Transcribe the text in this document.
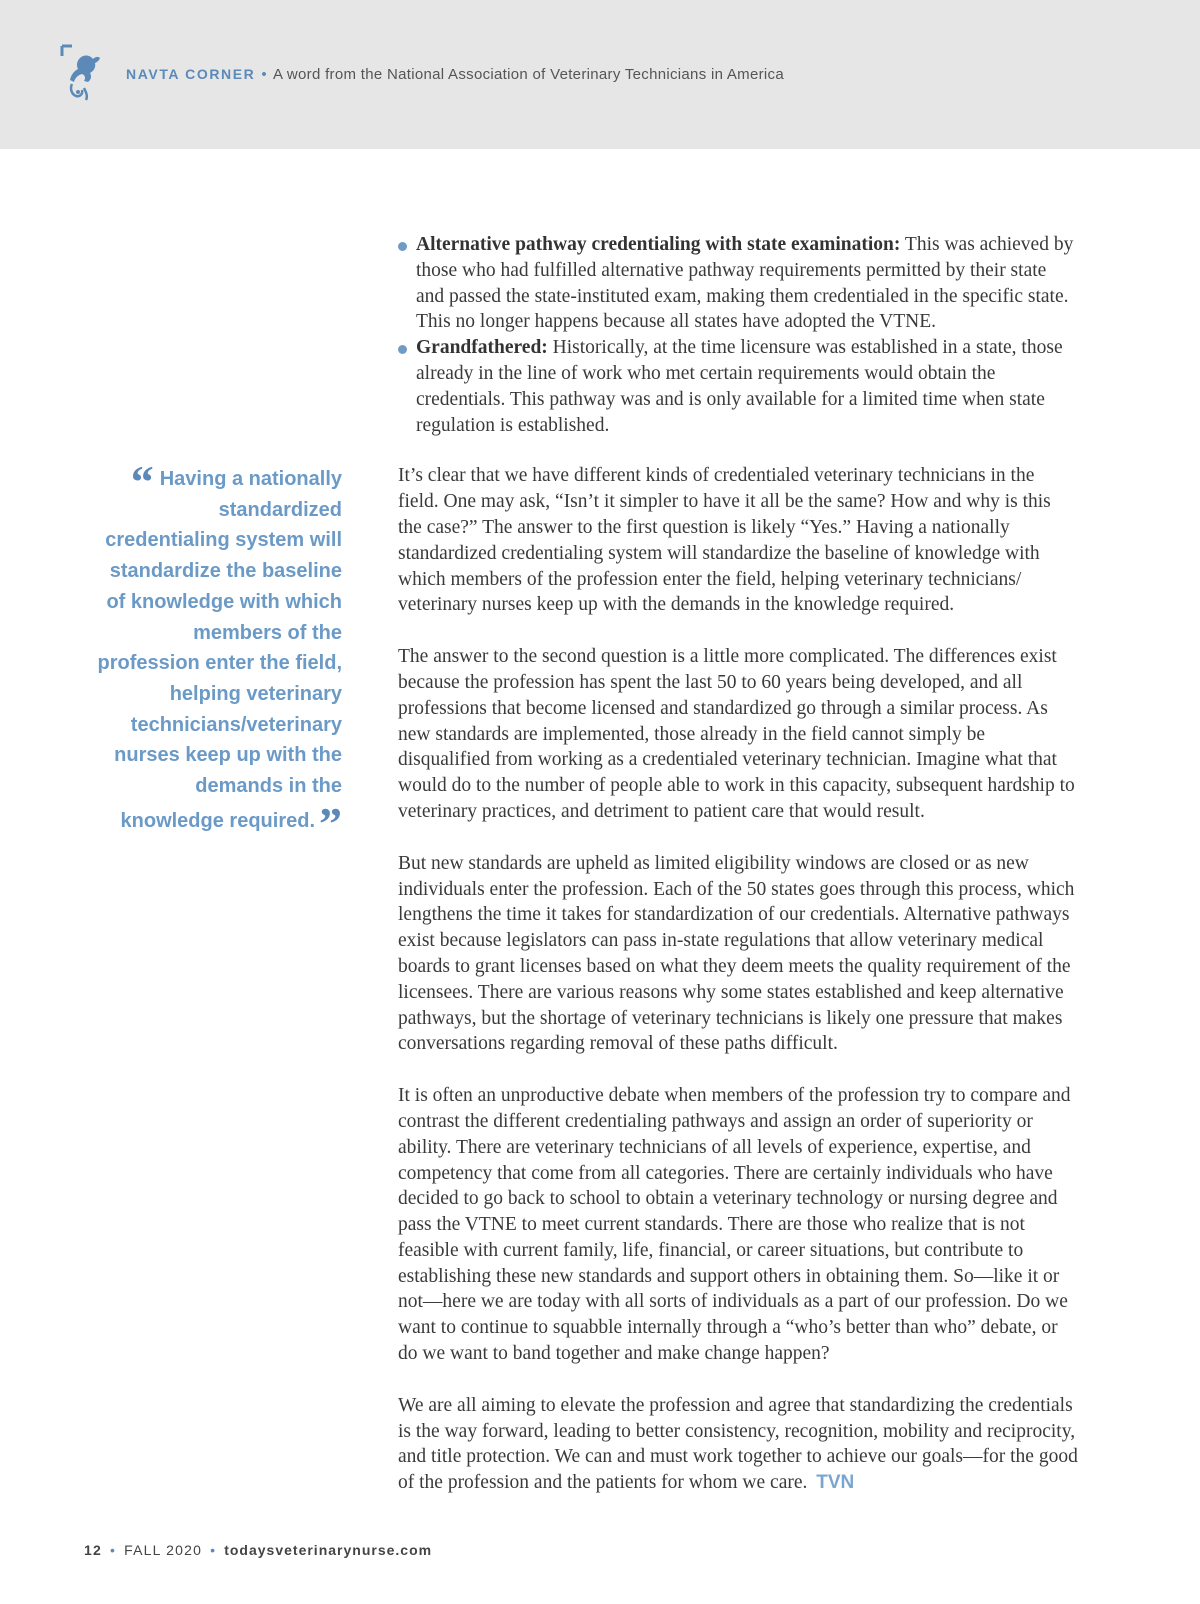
NAVTA CORNER • A word from the National Association of Veterinary Technicians in America
“ Having a nationally standardized credentialing system will standardize the baseline of knowledge with which members of the profession enter the field, helping veterinary technicians/veterinary nurses keep up with the demands in the knowledge required.”
Alternative pathway credentialing with state examination: This was achieved by those who had fulfilled alternative pathway requirements permitted by their state and passed the state-instituted exam, making them credentialed in the specific state. This no longer happens because all states have adopted the VTNE.
Grandfathered: Historically, at the time licensure was established in a state, those already in the line of work who met certain requirements would obtain the credentials. This pathway was and is only available for a limited time when state regulation is established.

It’s clear that we have different kinds of credentialed veterinary technicians in the field. One may ask, “Isn’t it simpler to have it all be the same? How and why is this the case?” The answer to the first question is likely “Yes.” Having a nationally standardized credentialing system will standardize the baseline of knowledge with which members of the profession enter the field, helping veterinary technicians/ veterinary nurses keep up with the demands in the knowledge required.

The answer to the second question is a little more complicated. The differences exist because the profession has spent the last 50 to 60 years being developed, and all professions that become licensed and standardized go through a similar process. As new standards are implemented, those already in the field cannot simply be disqualified from working as a credentialed veterinary technician. Imagine what that would do to the number of people able to work in this capacity, subsequent hardship to veterinary practices, and detriment to patient care that would result.

But new standards are upheld as limited eligibility windows are closed or as new individuals enter the profession. Each of the 50 states goes through this process, which lengthens the time it takes for standardization of our credentials. Alternative pathways exist because legislators can pass in-state regulations that allow veterinary medical boards to grant licenses based on what they deem meets the quality requirement of the licensees. There are various reasons why some states established and keep alternative pathways, but the shortage of veterinary technicians is likely one pressure that makes conversations regarding removal of these paths difficult.

It is often an unproductive debate when members of the profession try to compare and contrast the different credentialing pathways and assign an order of superiority or ability. There are veterinary technicians of all levels of experience, expertise, and competency that come from all categories. There are certainly individuals who have decided to go back to school to obtain a veterinary technology or nursing degree and pass the VTNE to meet current standards. There are those who realize that is not feasible with current family, life, financial, or career situations, but contribute to establishing these new standards and support others in obtaining them. So—like it or not—here we are today with all sorts of individuals as a part of our profession. Do we want to continue to squabble internally through a “who’s better than who” debate, or do we want to band together and make change happen?

We are all aiming to elevate the profession and agree that standardizing the credentials is the way forward, leading to better consistency, recognition, mobility and reciprocity, and title protection. We can and must work together to achieve our goals—for the good of the profession and the patients for whom we care. TVN

12 • FALL 2020 • todaysveterinarynurse.com
